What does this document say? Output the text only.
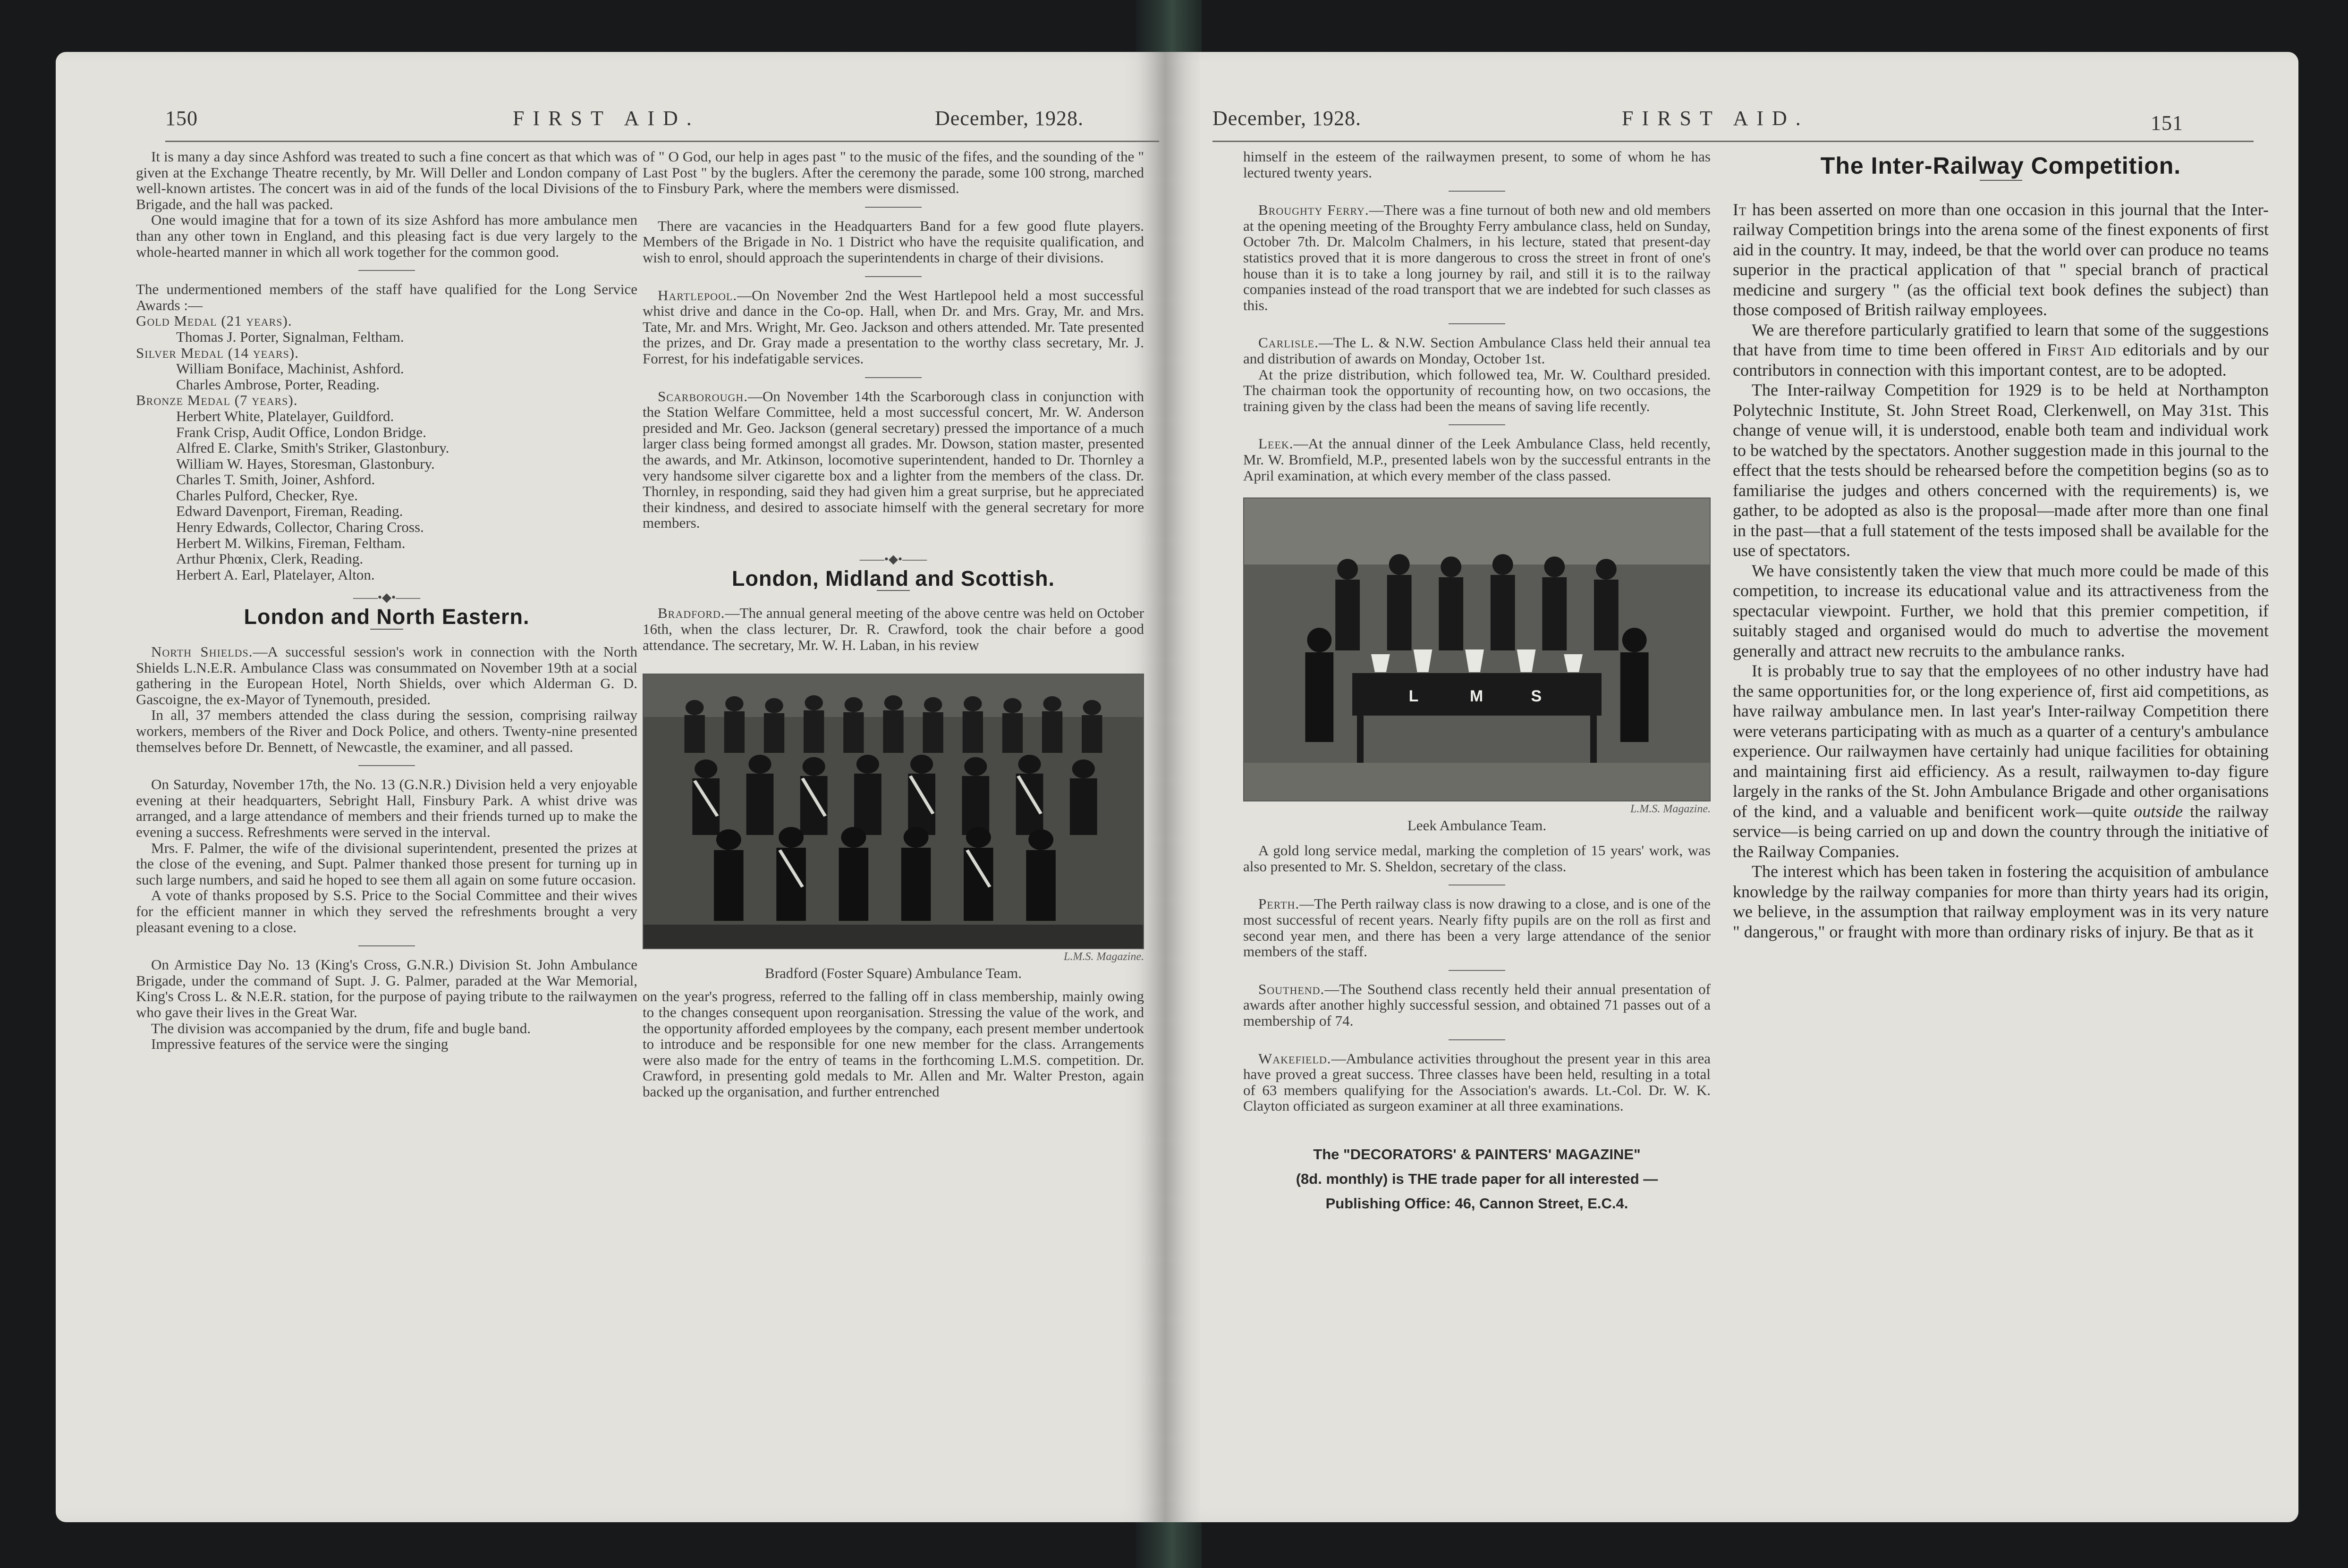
150	FIRST AID.	December, 1928.

It is many a day since Ashford was treated to such a fine concert as that which was given at the Exchange Theatre recently, by Mr. Will Deller and London company of well-known artistes. The concert was in aid of the funds of the local Divisions of the Brigade, and the hall was packed.

One would imagine that for a town of its size Ashford has more ambulance men than any other town in England, and this pleasing fact is due very largely to the whole-hearted manner in which all work together for the common good.

The undermentioned members of the staff have qualified for the Long Service Awards :—

Gold Medal (21 years).
Thomas J. Porter, Signalman, Feltham.
Silver Medal (14 years).
William Boniface, Machinist, Ashford.
Charles Ambrose, Porter, Reading.
Bronze Medal (7 years).
Herbert White, Platelayer, Guildford.
Frank Crisp, Audit Office, London Bridge.
Alfred E. Clarke, Smith's Striker, Glastonbury.
William W. Hayes, Storesman, Glastonbury.
Charles T. Smith, Joiner, Ashford.
Charles Pulford, Checker, Rye.
Edward Davenport, Fireman, Reading.
Henry Edwards, Collector, Charing Cross.
Herbert M. Wilkins, Fireman, Feltham.
Arthur Phœnix, Clerk, Reading.
Herbert A. Earl, Platelayer, Alton.
——•◆•——
London and North Eastern.

North Shields.—A successful session's work in connection with the North Shields L.N.E.R. Ambulance Class was consummated on November 19th at a social gathering in the European Hotel, North Shields, over which Alderman G. D. Gascoigne, the ex-Mayor of Tynemouth, presided.

In all, 37 members attended the class during the session, comprising railway workers, members of the River and Dock Police, and others. Twenty-nine presented themselves before Dr. Bennett, of Newcastle, the examiner, and all passed.

On Saturday, November 17th, the No. 13 (G.N.R.) Division held a very enjoyable evening at their headquarters, Sebright Hall, Finsbury Park. A whist drive was arranged, and a large attendance of members and their friends turned up to make the evening a success. Refreshments were served in the interval.

Mrs. F. Palmer, the wife of the divisional superintendent, presented the prizes at the close of the evening, and Supt. Palmer thanked those present for turning up in such large numbers, and said he hoped to see them all again on some future occasion.

A vote of thanks proposed by S.S. Price to the Social Committee and their wives for the efficient manner in which they served the refreshments brought a very pleasant evening to a close.

On Armistice Day No. 13 (King's Cross, G.N.R.) Division St. John Ambulance Brigade, under the command of Supt. J. G. Palmer, paraded at the War Memorial, King's Cross L. & N.E.R. station, for the purpose of paying tribute to the railwaymen who gave their lives in the Great War.

The division was accompanied by the drum, fife and bugle band.

Impressive features of the service were the singing

of " O God, our help in ages past " to the music of the fifes, and the sounding of the " Last Post " by the buglers. After the ceremony the parade, some 100 strong, marched to Finsbury Park, where the members were dismissed.

There are vacancies in the Headquarters Band for a few good flute players. Members of the Brigade in No. 1 District who have the requisite qualification, and wish to enrol, should approach the superintendents in charge of their divisions.

Hartlepool.—On November 2nd the West Hartlepool held a most successful whist drive and dance in the Co-op. Hall, when Dr. and Mrs. Gray, Mr. and Mrs. Tate, Mr. and Mrs. Wright, Mr. Geo. Jackson and others attended. Mr. Tate presented the prizes, and Dr. Gray made a presentation to the worthy class secretary, Mr. J. Forrest, for his indefatigable services.

Scarborough.—On November 14th the Scarborough class in conjunction with the Station Welfare Committee, held a most successful concert, Mr. W. Anderson presided and Mr. Geo. Jackson (general secretary) pressed the importance of a much larger class being formed amongst all grades. Mr. Dowson, station master, presented the awards, and Mr. Atkinson, locomotive superintendent, handed to Dr. Thornley a very handsome silver cigarette box and a lighter from the members of the class. Dr. Thornley, in responding, said they had given him a great surprise, but he appreciated their kindness, and desired to associate himself with the general secretary for more members.

——•◆•——
London, Midland and Scottish.

Bradford.—The annual general meeting of the above centre was held on October 16th, when the class lecturer, Dr. R. Crawford, took the chair before a good attendance. The secretary, Mr. W. H. Laban, in his review

L.M.S. Magazine.
Bradford (Foster Square) Ambulance Team.

on the year's progress, referred to the falling off in class membership, mainly owing to the changes consequent upon reorganisation. Stressing the value of the work, and the opportunity afforded employees by the company, each present member undertook to introduce and be responsible for one new member for the class. Arrangements were also made for the entry of teams in the forthcoming L.M.S. competition. Dr. Crawford, in presenting gold medals to Mr. Allen and Mr. Walter Preston, again backed up the organisation, and further entrenched

December, 1928.	FIRST AID.	151

himself in the esteem of the railwaymen present, to some of whom he has lectured twenty years.

Broughty Ferry.—There was a fine turnout of both new and old members at the opening meeting of the Broughty Ferry ambulance class, held on Sunday, October 7th. Dr. Malcolm Chalmers, in his lecture, stated that present-day statistics proved that it is more dangerous to cross the street in front of one's house than it is to take a long journey by rail, and still it is to the railway companies instead of the road transport that we are indebted for such classes as this.

Carlisle.—The L. & N.W. Section Ambulance Class held their annual tea and distribution of awards on Monday, October 1st.

At the prize distribution, which followed tea, Mr. W. Coulthard presided. The chairman took the opportunity of recounting how, on two occasions, the training given by the class had been the means of saving life recently.

Leek.—At the annual dinner of the Leek Ambulance Class, held recently, Mr. W. Bromfield, M.P., presented labels won by the successful entrants in the April examination, at which every member of the class passed.

L	M	S
L.M.S. Magazine.
Leek Ambulance Team.

A gold long service medal, marking the completion of 15 years' work, was also presented to Mr. S. Sheldon, secretary of the class.

Perth.—The Perth railway class is now drawing to a close, and is one of the most successful of recent years. Nearly fifty pupils are on the roll as first and second year men, and there has been a very large attendance of the senior members of the staff.

Southend.—The Southend class recently held their annual presentation of awards after another highly successful session, and obtained 71 passes out of a membership of 74.

Wakefield.—Ambulance activities throughout the present year in this area have proved a great success. Three classes have been held, resulting in a total of 63 members qualifying for the Association's awards. Lt.-Col. Dr. W. K. Clayton officiated as surgeon examiner at all three examinations.

The "DECORATORS' & PAINTERS' MAGAZINE"
(8d. monthly) is THE trade paper for all interested —
Publishing Office: 46, Cannon Street, E.C.4.
The Inter-Railway Competition.

It has been asserted on more than one occasion in this journal that the Inter-railway Competition brings into the arena some of the finest exponents of first aid in the country. It may, indeed, be that the world over can produce no teams superior in the practical application of that " special branch of practical medicine and surgery " (as the official text book defines the subject) than those composed of British railway employees.

We are therefore particularly gratified to learn that some of the suggestions that have from time to time been offered in First Aid editorials and by our contributors in connection with this important contest, are to be adopted.

The Inter-railway Competition for 1929 is to be held at Northampton Polytechnic Institute, St. John Street Road, Clerkenwell, on May 31st. This change of venue will, it is understood, enable both team and individual work to be watched by the spectators. Another suggestion made in this journal to the effect that the tests should be rehearsed before the competition begins (so as to familiarise the judges and others concerned with the requirements) is, we gather, to be adopted as also is the proposal—made after more than one final in the past—that a full statement of the tests imposed shall be available for the use of spectators.

We have consistently taken the view that much more could be made of this competition, to increase its educational value and its attractiveness from the spectacular viewpoint. Further, we hold that this premier competition, if suitably staged and organised would do much to advertise the movement generally and attract new recruits to the ambulance ranks.

It is probably true to say that the employees of no other industry have had the same opportunities for, or the long experience of, first aid competitions, as have railway ambulance men. In last year's Inter-railway Competition there were veterans participating with as much as a quarter of a century's ambulance experience. Our railwaymen have certainly had unique facilities for obtaining and maintaining first aid efficiency. As a result, railwaymen to-day figure largely in the ranks of the St. John Ambulance Brigade and other organisations of the kind, and a valuable and benificent work—quite outside the railway service—is being carried on up and down the country through the initiative of the Railway Companies.

The interest which has been taken in fostering the acquisition of ambulance knowledge by the railway companies for more than thirty years had its origin, we believe, in the assumption that railway employment was in its very nature " dangerous," or fraught with more than ordinary risks of injury. Be that as it
